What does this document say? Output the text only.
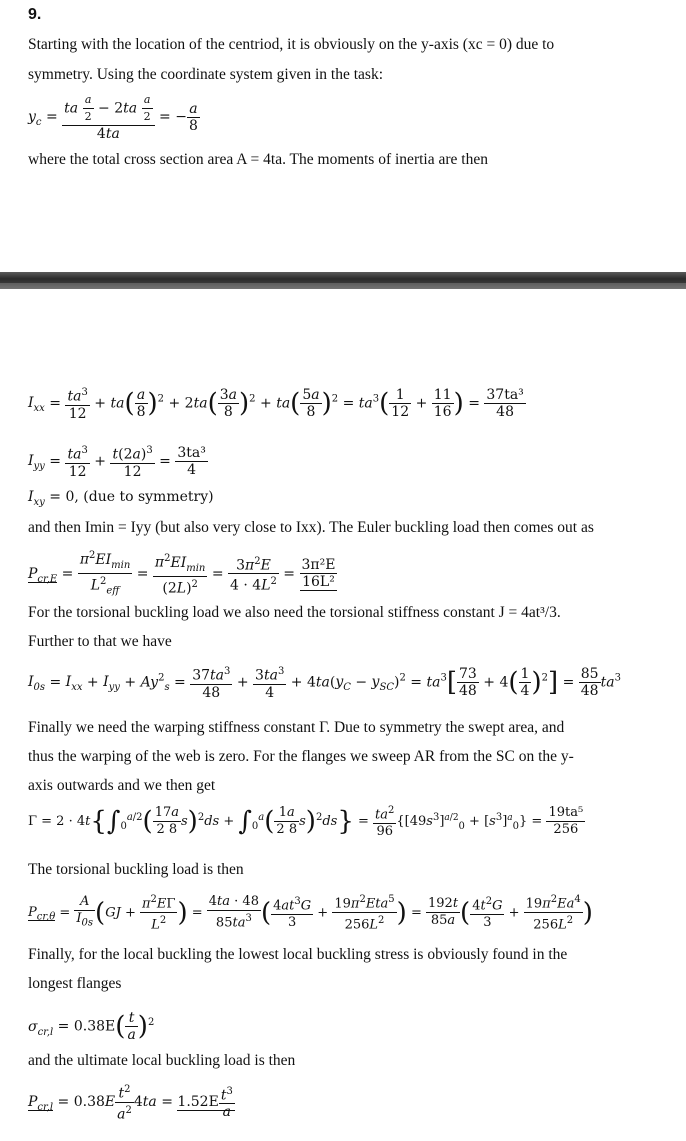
9.
Starting with the location of the centriod, it is obviously on the y-axis (xc = 0) due to
symmetry. Using the coordinate system given in the task:
$y_c = \frac{ta \frac{a}{2} - 2ta \frac{a}{2}}{4ta}$ = − $\frac{a}{8}$
where the total cross section area A = 4ta. The moments of inertia are then
$I_{xx} = \frac{ta^3}{12} + ta( \frac{a}{8} )^2 + 2ta( \frac{3a}{8} )^2 + ta( \frac{5a}{8} )^2 = ta^3( \frac{1}{12} + \frac{11}{16}$ ) = $\frac{\text{37ta³}}{48}$
$I_{yy} = \frac{ta^3}{12} + \frac{t(2a)^3}{12} = \frac{\text{3ta³}}{4}$
$I_{xy} = 0$, (due to symmetry)
and then Imin = Iyy (but also very close to Ixx). The Euler buckling load then comes out as
$P_{cr,E} = \frac{\pi^2EI_{min}}{L^2_{eff}} = \frac{\pi^2EI_{min}}{(2L)^2} = \frac{3\pi^2E}{4 \cdot 4L^2} = \frac{\text{3π²E}}{\text{16L²}}$
For the torsional buckling load we also need the torsional stiffness constant J = 4at³/3.
Further to that we have
$I_{0s} = I_{xx} + I_{yy} + Ay^2_s = \frac{37ta^3}{48} + \frac{3ta^3}{4} + 4ta(y_C - y_{SC})^2 = ta^3[ \frac{73}{48} + 4( \frac{1}{4} )^2] = \frac{85}{48} ta^3$
Finally we need the warping stiffness constant Γ. Due to symmetry the swept area, and
thus the warping of the web is zero. For the flanges we sweep AR from the SC on the y-
axis outwards and we then get
$\Gamma = 2 \cdot 4t\{\int_0^{a/2}( \frac{17a}{2 8} s)^2ds + \int_0^a( \frac{1a}{2 8} s)^2ds\} = \frac{ta^2}{96} \{[49s^3]^{a/2}_0 + [s^3]^a_0\} = \frac{\text{19ta⁵}}{256}$
The torsional buckling load is then
$P_{cr,\theta} = \frac{A}{I_{0s}} (GJ + \frac{\pi^2E\Gamma}{L^2}$ ) = $\frac{4ta \cdot 48}{85ta^3}$ ( $\frac{4at^3G}{3} + \frac{19\pi^2Eta^5}{256L^2}$ ) = $\frac{192t}{85a}$ ( $\frac{4t^2G}{3} + \frac{19\pi^2Ea^4}{256L^2}$ )
Finally, for the local buckling the lowest local buckling stress is obviously found in the
longest flanges
$\sigma_{cr,l} = 0.38E( \frac{t}{a} )^2$
and the ultimate local buckling load is then
$P_{cr,l} = 0.38E \frac{t^2}{a^2} 4ta = 1.52E \frac{t^3}{a}$
